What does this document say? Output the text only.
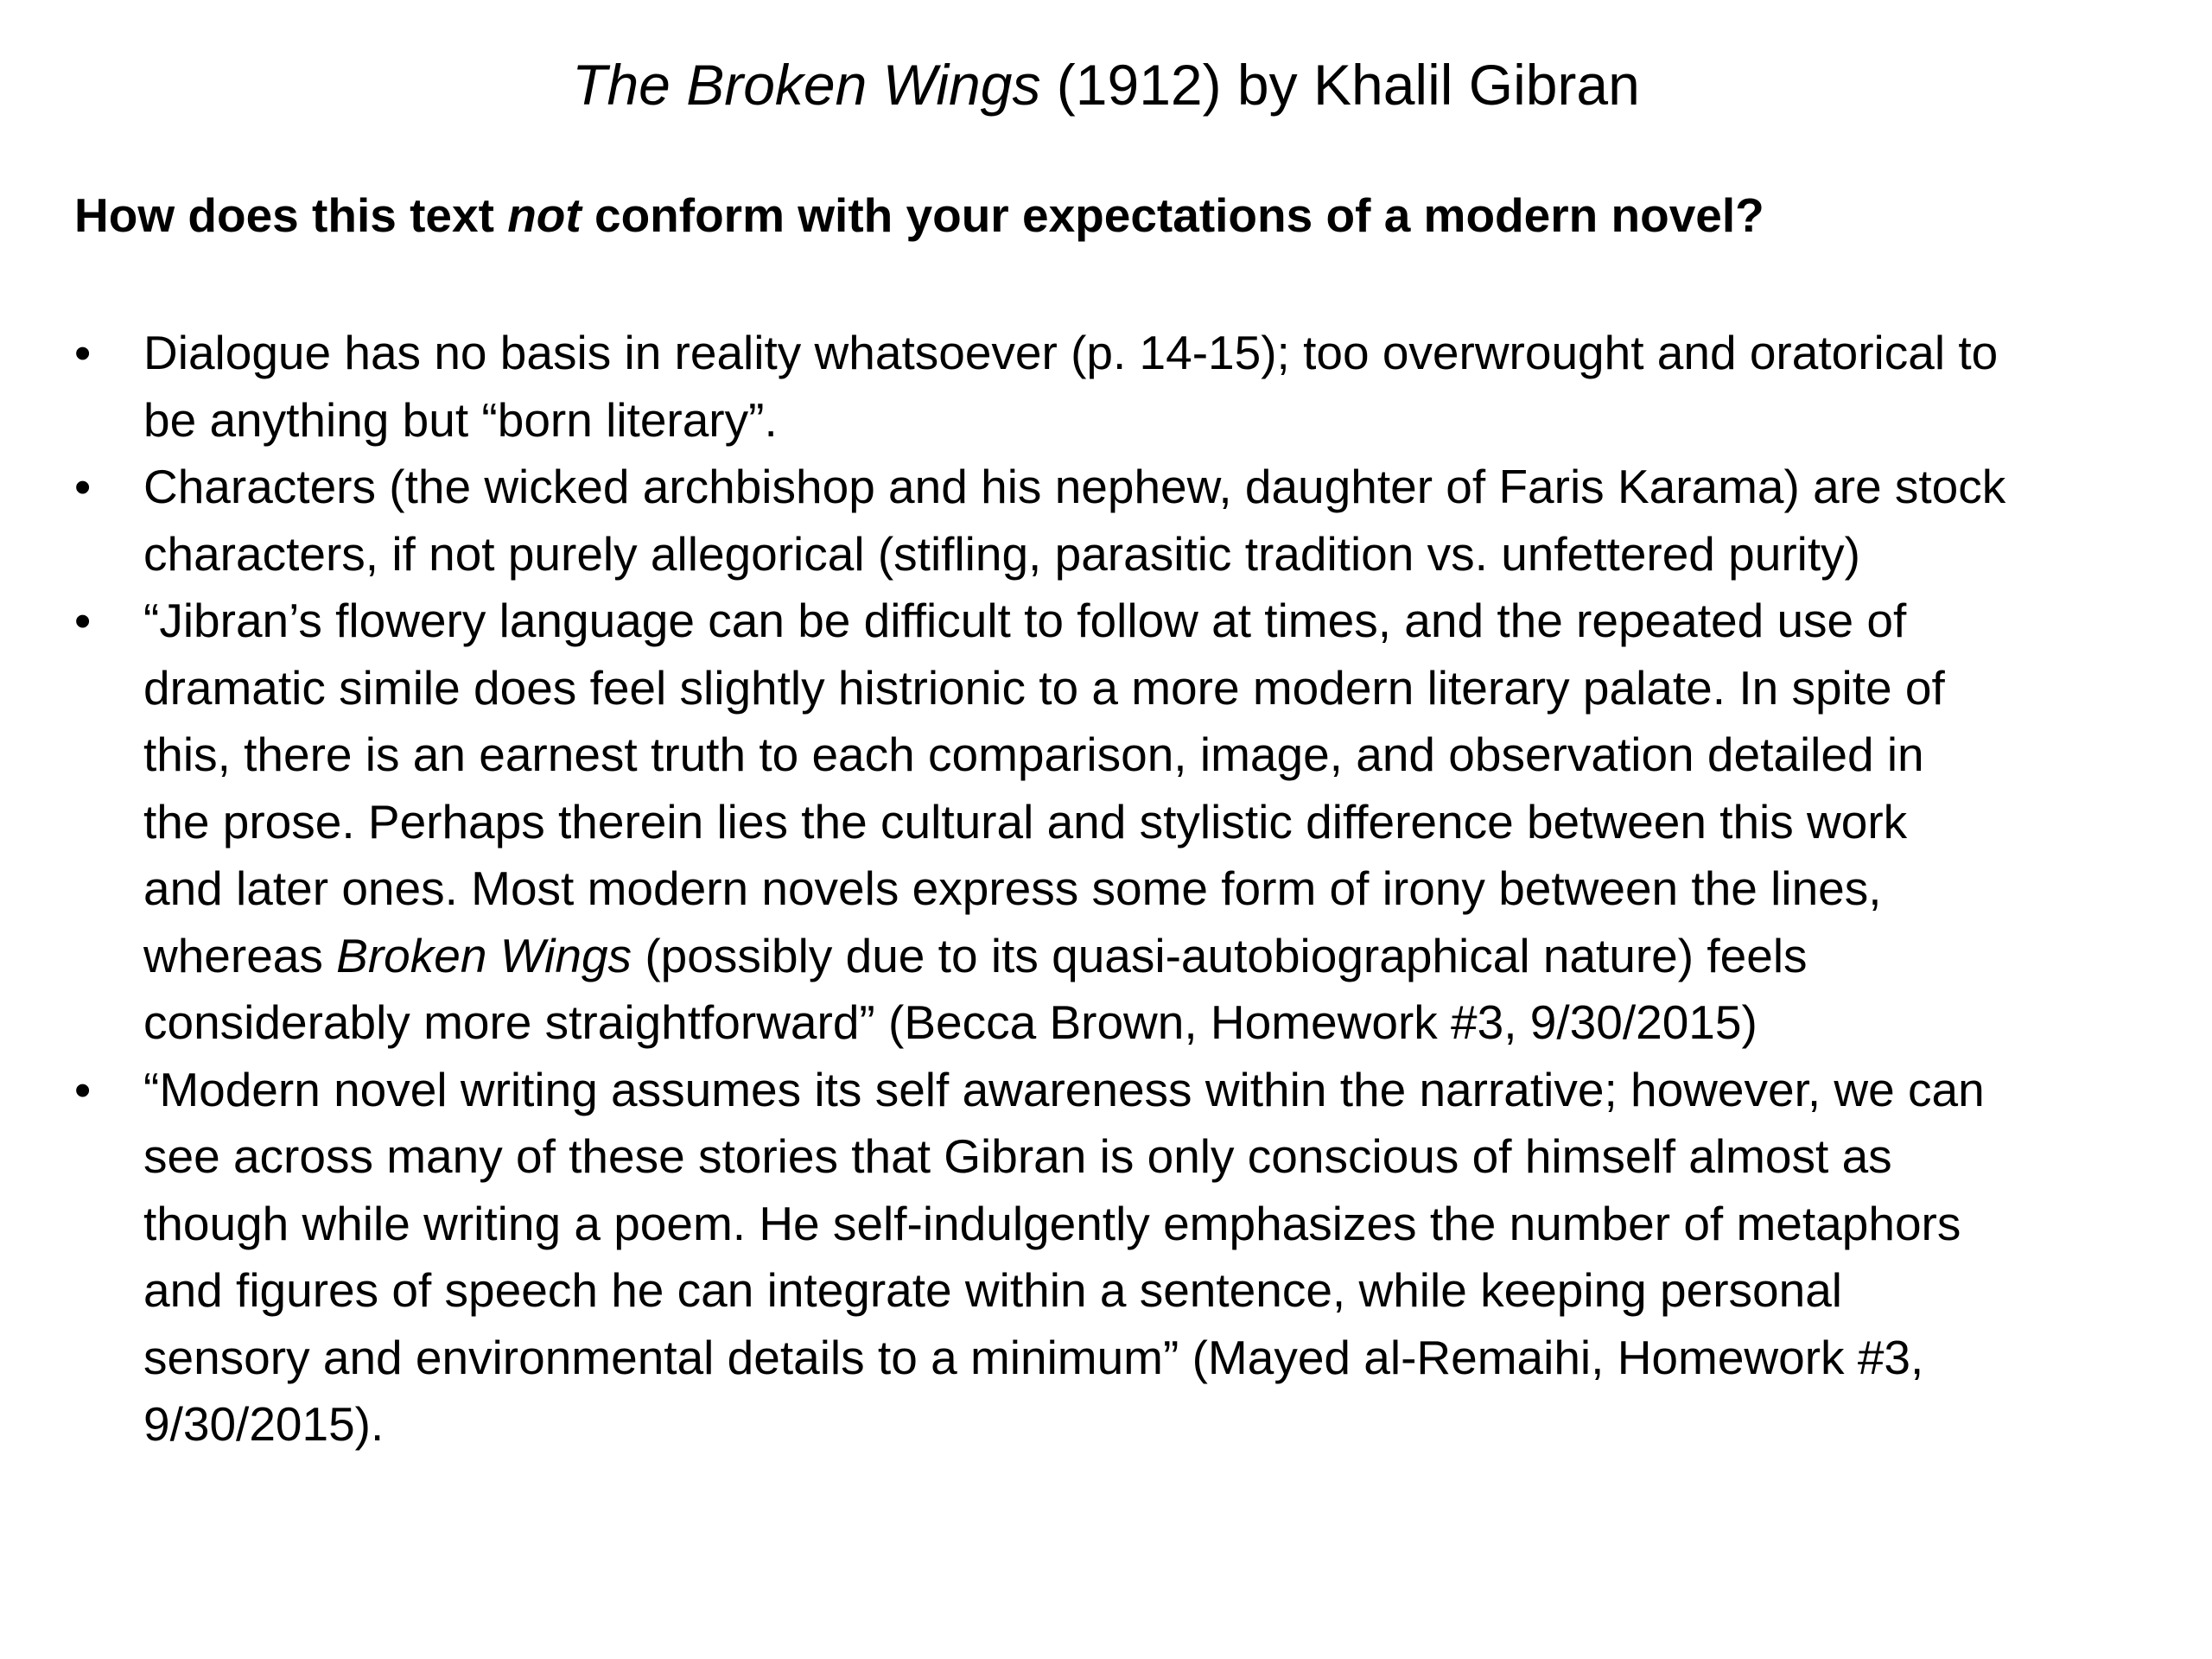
The Broken Wings (1912) by Khalil Gibran
How does this text not conform with your expectations of a modern novel?
•	Dialogue has no basis in reality whatsoever (p. 14-15); too overwrought and oratorical to
be anything but “born literary”.
•	Characters (the wicked archbishop and his nephew, daughter of Faris Karama) are stock
characters, if not purely allegorical (stifling, parasitic tradition vs. unfettered purity)
•	“Jibran’s flowery language can be difficult to follow at times, and the repeated use of
dramatic simile does feel slightly histrionic to a more modern literary palate. In spite of
this, there is an earnest truth to each comparison, image, and observation detailed in
the prose. Perhaps therein lies the cultural and stylistic difference between this work
and later ones. Most modern novels express some form of irony between the lines,
whereas Broken Wings (possibly due to its quasi-autobiographical nature) feels
considerably more straightforward” (Becca Brown, Homework #3, 9/30/2015)
•	“Modern novel writing assumes its self awareness within the narrative; however, we can
see across many of these stories that Gibran is only conscious of himself almost as
though while writing a poem. He self-indulgently emphasizes the number of metaphors
and figures of speech he can integrate within a sentence, while keeping personal
sensory and environmental details to a minimum” (Mayed al-Remaihi, Homework #3,
9/30/2015).
